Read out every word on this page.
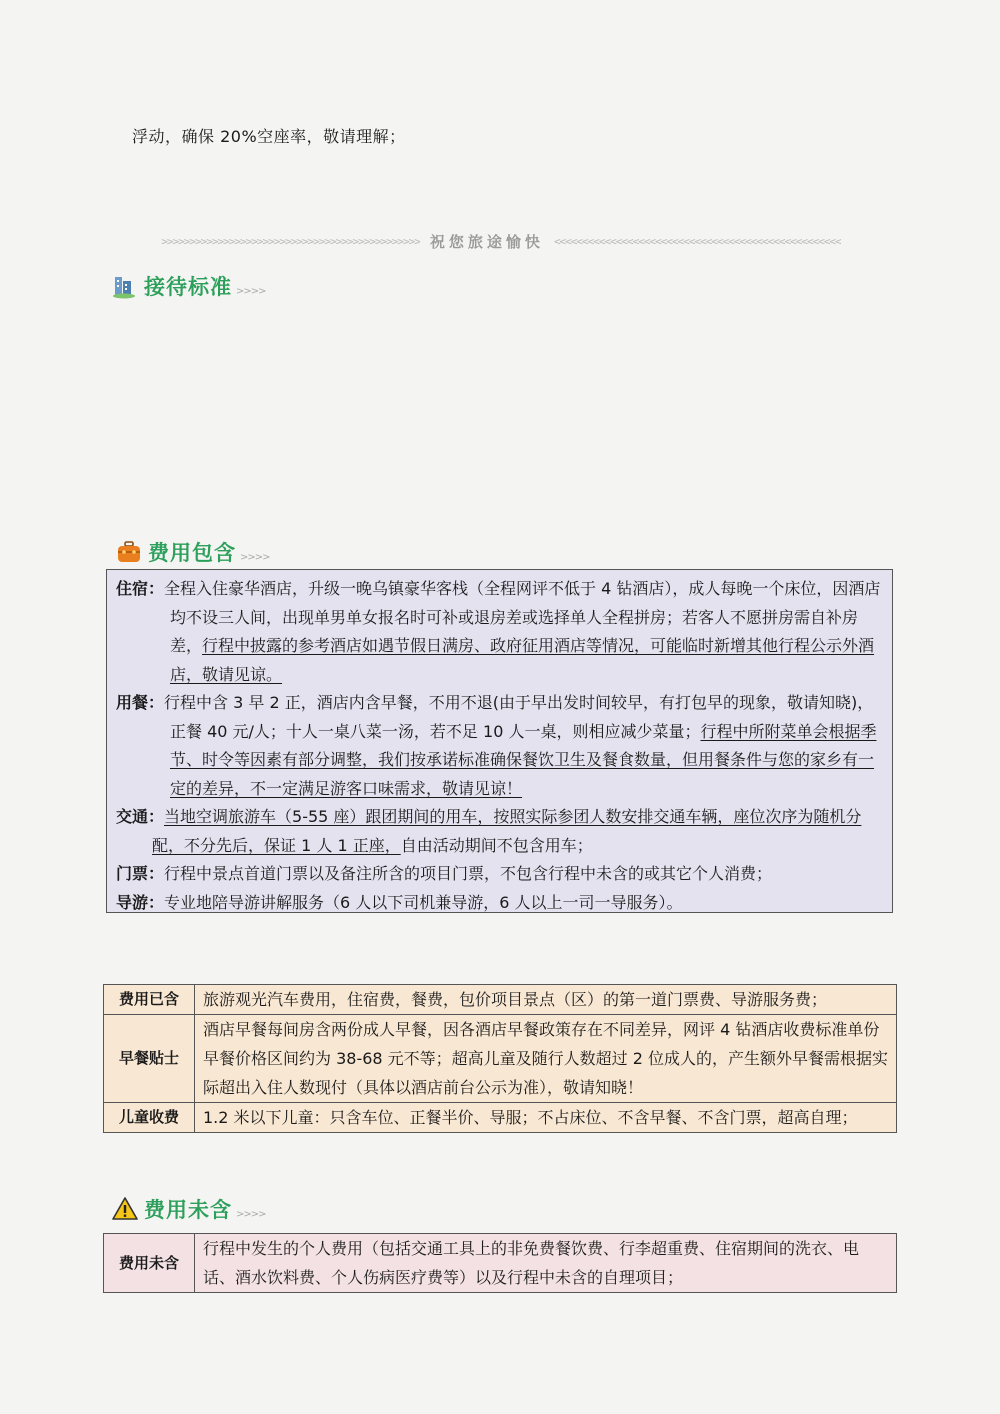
浮动，确保 20%空座率，敬请理解；
>>>>>>>>>>>>>>>>>>>>>>>>>>>>>>>>>>>>>>>>>>>>>> 祝您旅途愉快 <<<<<<<<<<<<<<<<<<<<<<<<<<<<<<<<<<<<<<<<<<<<<<<<<<<
接待标准 >>>>
费用包含 >>>>

住宿：全程入住豪华酒店，升级一晚乌镇豪华客栈（全程网评不低于 4 钻酒店），成人每晚一个床位，因酒店均不设三人间，出现单男单女报名时可补或退房差或选择单人全程拼房；若客人不愿拼房需自补房差，行程中披露的参考酒店如遇节假日满房、政府征用酒店等情况，可能临时新增其他行程公示外酒店，敬请见谅。

用餐：行程中含 3 早 2 正，酒店内含早餐，不用不退(由于早出发时间较早，有打包早的现象，敬请知晓)，正餐 40 元/人；十人一桌八菜一汤，若不足 10 人一桌，则相应减少菜量；行程中所附菜单会根据季节、时令等因素有部分调整，我们按承诺标准确保餐饮卫生及餐食数量，但用餐条件与您的家乡有一定的差异，不一定满足游客口味需求，敬请见谅！

交通：当地空调旅游车（5-55 座）跟团期间的用车，按照实际参团人数安排交通车辆，座位次序为随机分配，不分先后，保证 1 人 1 正座，自由活动期间不包含用车；

门票：行程中景点首道门票以及备注所含的项目门票，不包含行程中未含的或其它个人消费；

导游：专业地陪导游讲解服务（6 人以下司机兼导游，6 人以上一司一导服务）。

费用已含	旅游观光汽车费用，住宿费，餐费，包价项目景点（区）的第一道门票费、导游服务费；
早餐贴士	酒店早餐每间房含两份成人早餐，因各酒店早餐政策存在不同差异，网评 4 钻酒店收费标准单份早餐价格区间约为 38-68 元不等；超高儿童及随行人数超过 2 位成人的，产生额外早餐需根据实际超出入住人数现付（具体以酒店前台公示为准），敬请知晓！
儿童收费	1.2 米以下儿童：只含车位、正餐半价、导服；不占床位、不含早餐、不含门票，超高自理；
费用未含 >>>>
费用未含	行程中发生的个人费用（包括交通工具上的非免费餐饮费、行李超重费、住宿期间的洗衣、电话、酒水饮料费、个人伤病医疗费等）以及行程中未含的自理项目；
